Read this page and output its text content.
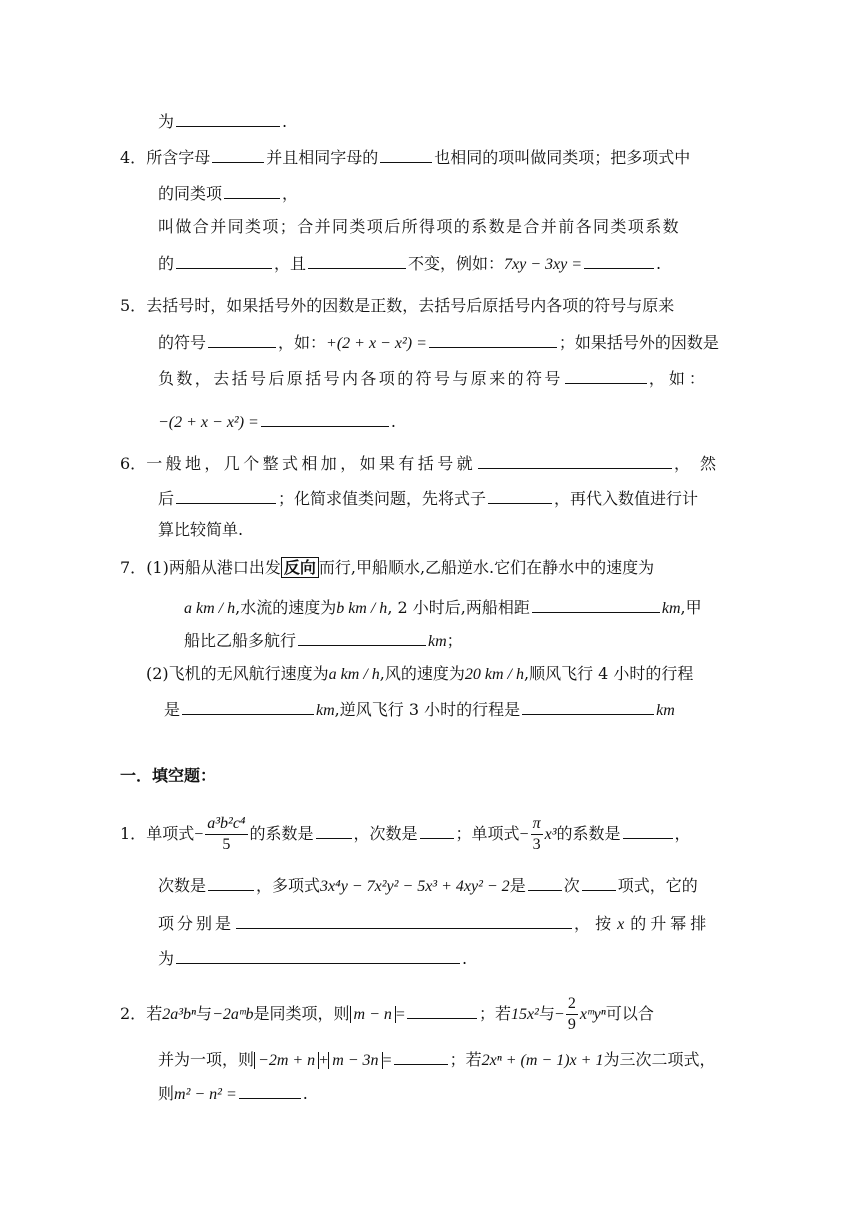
为	.
4．所含字母	并且相同字母的	也相同的项叫做同类项；把多项式中
的同类项	，
叫做合并同类项；合并同类项后所得项的系数是合并前各同类项系数
的	，且	不变，例如：7xy − 3xy =	.
5．去括号时，如果括号外的因数是正数，去括号后原括号内各项的符号与原来
的符号	，如：+(2 + x − x²) =	；如果括号外的因数是
负数，去括号后原括号内各项的符号与原来的符号	，如：
−(2 + x − x²) =	.
6．一般地，几个整式相加，如果有括号就	，然
后	；化简求值类问题，先将式子	，再代入数值进行计
算比较简单.
7．(1)两船从港口出发 反向 而行,甲船顺水,乙船逆水.它们在静水中的速度为
a km / h,水流的速度为b km / h, 2 小时后,两船相距	km,甲
船比乙船多航行	km；
(2)飞机的无风航行速度为a km / h,风的速度为20 km / h,顺风飞行 4 小时的行程
是	km,逆风飞行 3 小时的行程是	km
一．填空题：
1．单项式− $\frac{\text{a³b²c⁴}}{5}$ 的系数是	，次数是 ；单项式− $\frac{\pi}{3} x^3$的系数是	，
次数是	，多项式3x⁴y − 7x²y² − 5x³ + 4xy² − 2是 次 项式，它的
项分别是	， 按 x 的升幂排
为	.
2．若2a³bⁿ与−2aᵐb是同类项，则 m − n =	；若15x²与− $\frac{2}{9}$ xᵐyⁿ可以合
并为一项，则 −2m + n + m − 3n =	；若2xⁿ + (m − 1)x + 1为三次二项式，
则m² − n² =	.
